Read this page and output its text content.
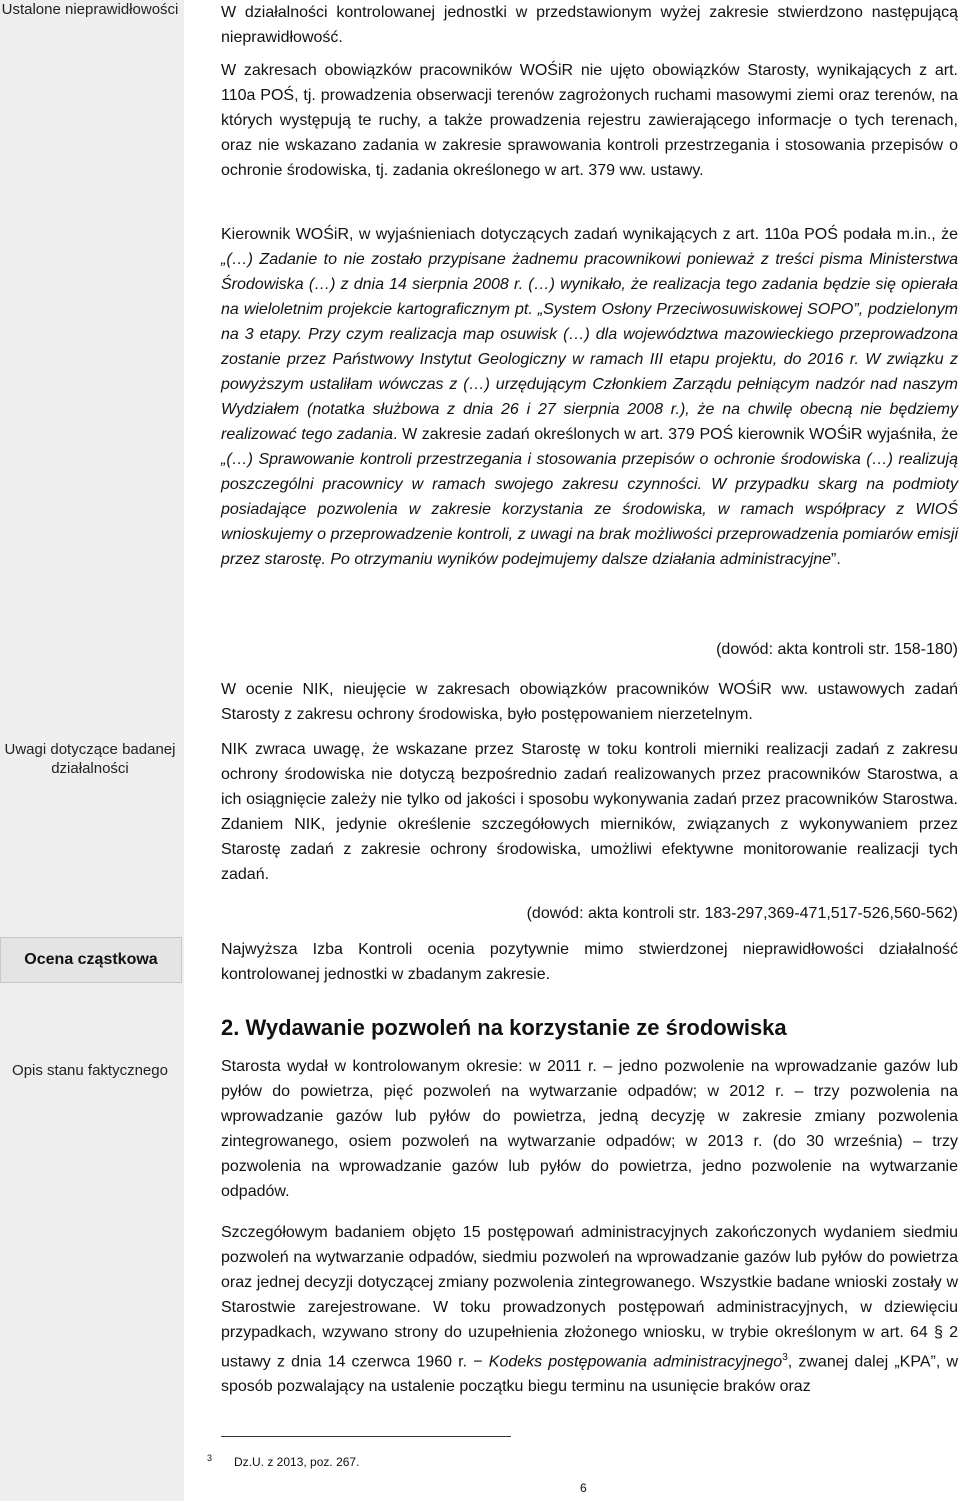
Ustalone nieprawidłowości
Uwagi dotyczące badanej działalności
Ocena cząstkowa
Opis stanu faktycznego

W działalności kontrolowanej jednostki w przedstawionym wyżej zakresie stwierdzono następującą nieprawidłowość.

W zakresach obowiązków pracowników WOŚiR nie ujęto obowiązków Starosty, wynikających z art. 110a POŚ, tj. prowadzenia obserwacji terenów zagrożonych ruchami masowymi ziemi oraz terenów, na których występują te ruchy, a także prowadzenia rejestru zawierającego informacje o tych terenach, oraz nie wskazano zadania w zakresie sprawowania kontroli przestrzegania i stosowania przepisów o ochronie środowiska, tj. zadania określonego w art. 379 ww. ustawy.

Kierownik WOŚiR, w wyjaśnieniach dotyczących zadań wynikających z art. 110a POŚ podała m.in., że „(…) Zadanie to nie zostało przypisane żadnemu pracownikowi ponieważ z treści pisma Ministerstwa Środowiska (…) z dnia 14 sierpnia 2008 r. (…) wynikało, że realizacja tego zadania będzie się opierała na wieloletnim projekcie kartograficznym pt. „System Osłony Przeciwosuwiskowej SOPO”, podzielonym na 3 etapy. Przy czym realizacja map osuwisk (…) dla województwa mazowieckiego przeprowadzona zostanie przez Państwowy Instytut Geologiczny w ramach III etapu projektu, do 2016 r. W związku z powyższym ustaliłam wówczas z (…) urzędującym Członkiem Zarządu pełniącym nadzór nad naszym Wydziałem (notatka służbowa z dnia 26 i 27 sierpnia 2008 r.), że na chwilę obecną nie będziemy realizować tego zadania. W zakresie zadań określonych w art. 379 POŚ kierownik WOŚiR wyjaśniła, że „(…) Sprawowanie kontroli przestrzegania i stosowania przepisów o ochronie środowiska (…) realizują poszczególni pracownicy w ramach swojego zakresu czynności. W przypadku skarg na podmioty posiadające pozwolenia w zakresie korzystania ze środowiska, w ramach współpracy z WIOŚ wnioskujemy o przeprowadzenie kontroli, z uwagi na brak możliwości przeprowadzenia pomiarów emisji przez starostę. Po otrzymaniu wyników podejmujemy dalsze działania administracyjne”.

(dowód: akta kontroli str. 158-180)

W ocenie NIK, nieujęcie w zakresach obowiązków pracowników WOŚiR ww. ustawowych zadań Starosty z zakresu ochrony środowiska, było postępowaniem nierzetelnym.

NIK zwraca uwagę, że wskazane przez Starostę w toku kontroli mierniki realizacji zadań z zakresu ochrony środowiska nie dotyczą bezpośrednio zadań realizowanych przez pracowników Starostwa, a ich osiągnięcie zależy nie tylko od jakości i sposobu wykonywania zadań przez pracowników Starostwa. Zdaniem NIK, jedynie określenie szczegółowych mierników, związanych z wykonywaniem przez Starostę zadań z zakresie ochrony środowiska, umożliwi efektywne monitorowanie realizacji tych zadań.

(dowód: akta kontroli str. 183-297,369-471,517-526,560-562)

Najwyższa Izba Kontroli ocenia pozytywnie mimo stwierdzonej nieprawidłowości działalność kontrolowanej jednostki w zbadanym zakresie.

2. Wydawanie pozwoleń na korzystanie ze środowiska

Starosta wydał w kontrolowanym okresie: w 2011 r. – jedno pozwolenie na wprowadzanie gazów lub pyłów do powietrza, pięć pozwoleń na wytwarzanie odpadów; w 2012 r. – trzy pozwolenia na wprowadzanie gazów lub pyłów do powietrza, jedną decyzję w zakresie zmiany pozwolenia zintegrowanego, osiem pozwoleń na wytwarzanie odpadów; w 2013 r. (do 30 września) – trzy pozwolenia na wprowadzanie gazów lub pyłów do powietrza, jedno pozwolenie na wytwarzanie odpadów.

Szczegółowym badaniem objęto 15 postępowań administracyjnych zakończonych wydaniem siedmiu pozwoleń na wytwarzanie odpadów, siedmiu pozwoleń na wprowadzanie gazów lub pyłów do powietrza oraz jednej decyzji dotyczącej zmiany pozwolenia zintegrowanego. Wszystkie badane wnioski zostały w Starostwie zarejestrowane. W toku prowadzonych postępowań administracyjnych, w dziewięciu przypadkach, wzywano strony do uzupełnienia złożonego wniosku, w trybie określonym w art. 64 § 2 ustawy z dnia 14 czerwca 1960 r. − Kodeks postępowania administracyjnego$^3$, zwanej dalej „KPA”, w sposób pozwalający na ustalenie początku biegu terminu na usunięcie braków oraz

$^3$ Dz.U. z 2013, poz. 267.
6
